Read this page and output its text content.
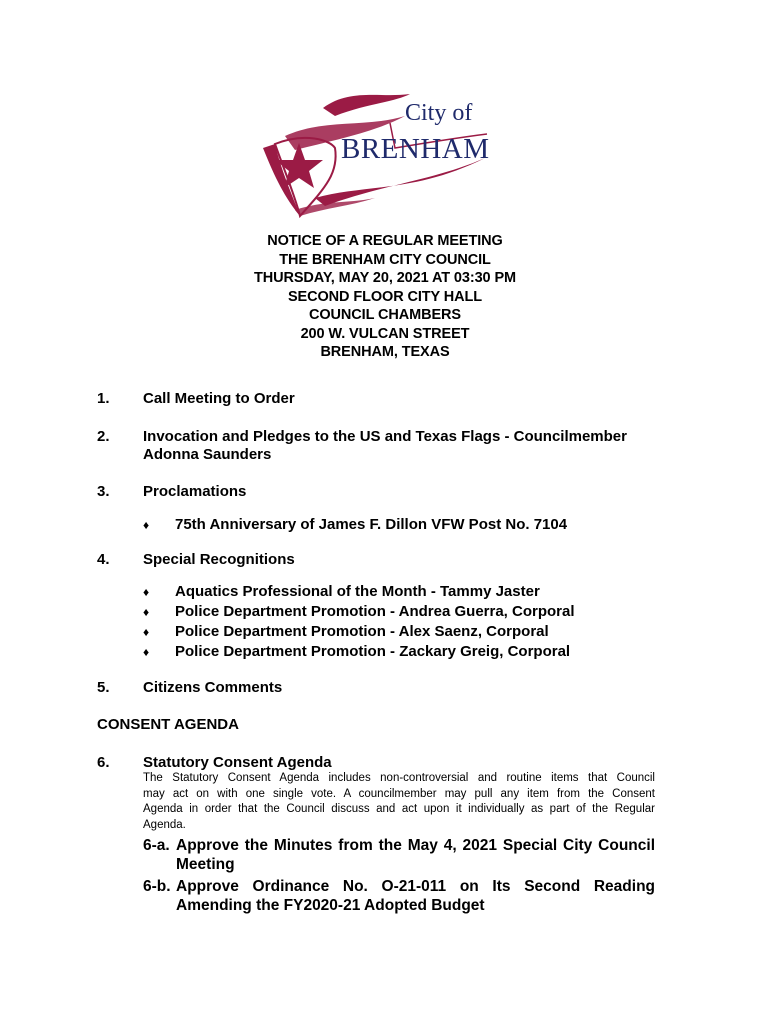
City of
BRENHAM
NOTICE OF A REGULAR MEETING
THE BRENHAM CITY COUNCIL
THURSDAY, MAY 20, 2021 AT 03:30 PM
SECOND FLOOR CITY HALL
COUNCIL CHAMBERS
200 W. VULCAN STREET
BRENHAM, TEXAS
1.	Call Meeting to Order
2.	Invocation and Pledges to the US and Texas Flags - Councilmember
Adonna Saunders
3.	Proclamations
♦ 75th Anniversary of James F. Dillon VFW Post No. 7104
4.	Special Recognitions
♦ Aquatics Professional of the Month - Tammy Jaster
♦ Police Department Promotion - Andrea Guerra, Corporal
♦ Police Department Promotion - Alex Saenz, Corporal
♦ Police Department Promotion - Zackary Greig, Corporal
5.	Citizens Comments
CONSENT AGENDA
6.	Statutory Consent Agenda
The Statutory Consent Agenda includes non-controversial and routine items that Council
may act on with one single vote. A councilmember may pull any item from the Consent
Agenda in order that the Council discuss and act upon it individually as part of the Regular
Agenda.
6-a. Approve the Minutes from the May 4, 2021 Special City Council
Meeting
6-b. Approve Ordinance No. O-21-011 on Its Second Reading
Amending the FY2020-21 Adopted Budget
